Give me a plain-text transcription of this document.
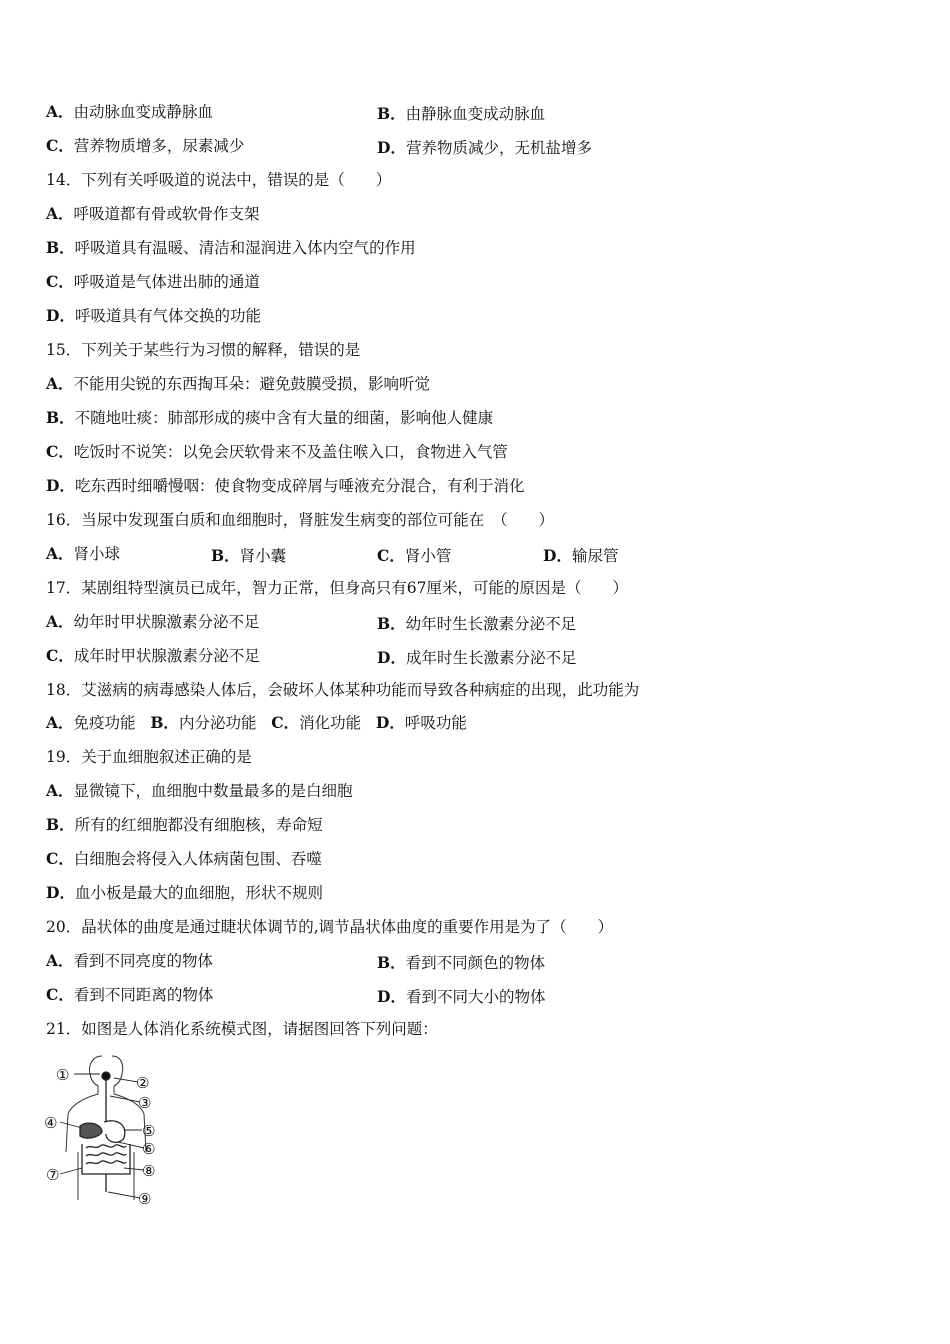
A．由动脉血变成静脉血	B．由静脉血变成动脉血
C．营养物质增多，尿素减少	D．营养物质减少，无机盐增多
14．下列有关呼吸道的说法中，错误的是（　　）
A．呼吸道都有骨或软骨作支架
B．呼吸道具有温暖、清洁和湿润进入体内空气的作用
C．呼吸道是气体进出肺的通道
D．呼吸道具有气体交换的功能
15．下列关于某些行为习惯的解释，错误的是
A．不能用尖锐的东西掏耳朵：避免鼓膜受损，影响听觉
B．不随地吐痰：肺部形成的痰中含有大量的细菌，影响他人健康
C．吃饭时不说笑：以免会厌软骨来不及盖住喉入口，食物进入气管
D．吃东西时细嚼慢咽：使食物变成碎屑与唾液充分混合，有利于消化
16．当尿中发现蛋白质和血细胞时，肾脏发生病变的部位可能在　（　　）
A．肾小球	B．肾小囊	C．肾小管	D．输尿管
17．某剧组特型演员已成年，智力正常，但身高只有67厘米，可能的原因是（　　）
A．幼年时甲状腺激素分泌不足	B．幼年时生长激素分泌不足
C．成年时甲状腺激素分泌不足	D．成年时生长激素分泌不足
18．艾滋病的病毒感染人体后，会破坏人体某种功能而导致各种病症的出现，此功能为
A．免疫功能 B．内分泌功能 C．消化功能 D．呼吸功能
19．关于血细胞叙述正确的是
A．显微镜下，血细胞中数量最多的是白细胞
B．所有的红细胞都没有细胞核，寿命短
C．白细胞会将侵入人体病菌包围、吞噬
D．血小板是最大的血细胞，形状不规则
20．晶状体的曲度是通过睫状体调节的,调节晶状体曲度的重要作用是为了（　　）
A．看到不同亮度的物体	B．看到不同颜色的物体
C．看到不同距离的物体	D．看到不同大小的物体
21．如图是人体消化系统模式图，请据图回答下列问题：
①	②
③
④	⑤
⑥
⑦	⑧
⑨
